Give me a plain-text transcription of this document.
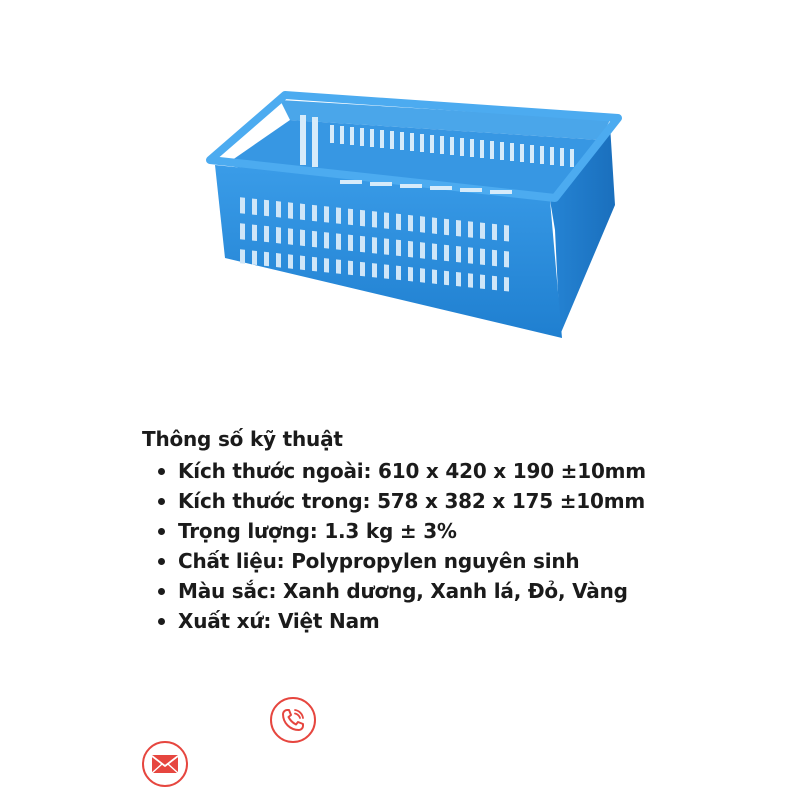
Thông số kỹ thuật
Kích thước ngoài: 610 x 420 x 190 ±10mm
Kích thước trong: 578 x 382 x 175 ±10mm
Trọng lượng: 1.3 kg ± 3%
Chất liệu: Polypropylen nguyên sinh
Màu sắc: Xanh dương, Xanh lá, Đỏ, Vàng
Xuất xứ: Việt Nam
